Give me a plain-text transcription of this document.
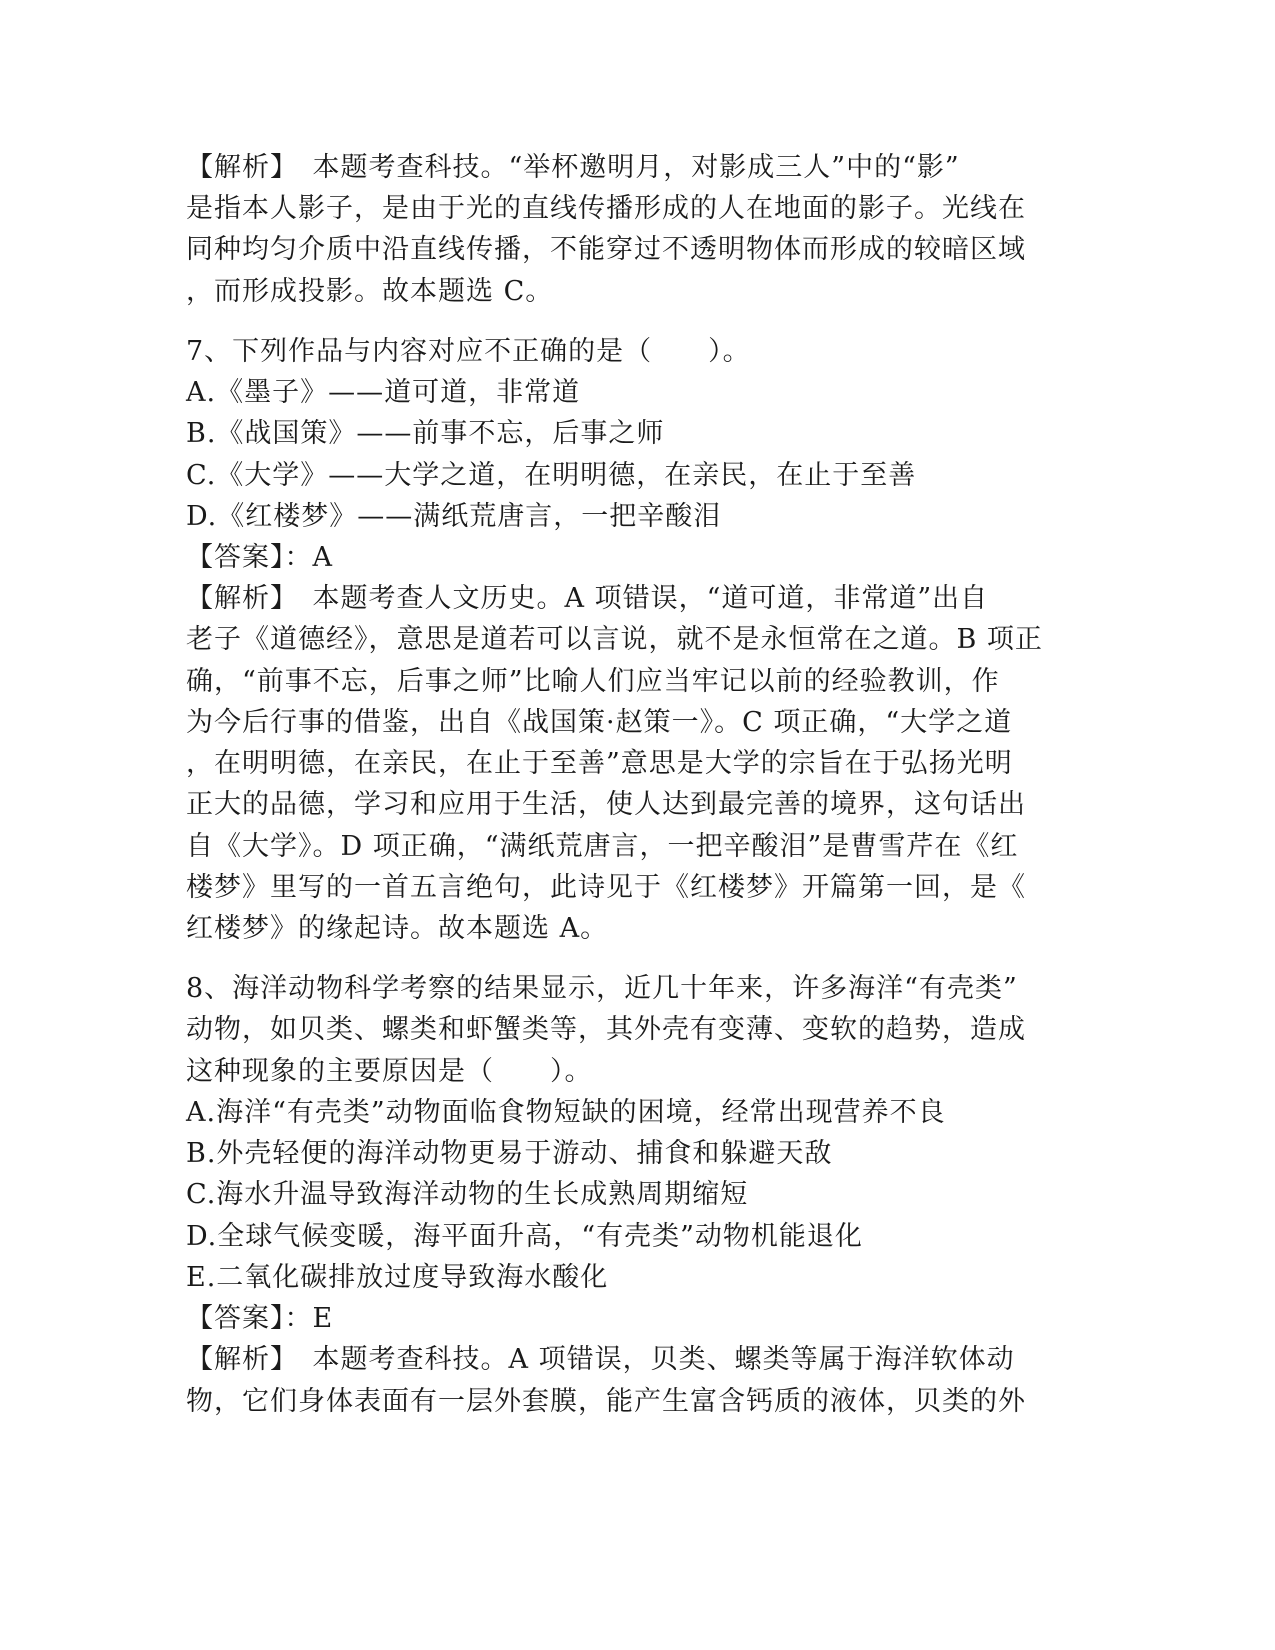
【解析】　本题考查科技。“举杯邀明月，对影成三人”中的“影”
是指本人影子，是由于光的直线传播形成的人在地面的影子。光线在
同种均匀介质中沿直线传播，不能穿过不透明物体而形成的较暗区域
，而形成投影。故本题选 C。
7、下列作品与内容对应不正确的是（　　）。
A.《墨子》——道可道，非常道
B.《战国策》——前事不忘，后事之师
C.《大学》——大学之道，在明明德，在亲民，在止于至善
D.《红楼梦》——满纸荒唐言，一把辛酸泪
【答案】：A
【解析】　本题考查人文历史。A 项错误，“道可道，非常道”出自
老子《道德经》，意思是道若可以言说，就不是永恒常在之道。B 项正
确，“前事不忘，后事之师”比喻人们应当牢记以前的经验教训，作
为今后行事的借鉴，出自《战国策·赵策一》。C 项正确，“大学之道
，在明明德，在亲民，在止于至善”意思是大学的宗旨在于弘扬光明
正大的品德，学习和应用于生活，使人达到最完善的境界，这句话出
自《大学》。D 项正确，“满纸荒唐言，一把辛酸泪”是曹雪芹在《红
楼梦》里写的一首五言绝句，此诗见于《红楼梦》开篇第一回，是《
红楼梦》的缘起诗。故本题选 A。
8、海洋动物科学考察的结果显示，近几十年来，许多海洋“有壳类”
动物，如贝类、螺类和虾蟹类等，其外壳有变薄、变软的趋势，造成
这种现象的主要原因是（　　）。
A.海洋“有壳类”动物面临食物短缺的困境，经常出现营养不良
B.外壳轻便的海洋动物更易于游动、捕食和躲避天敌
C.海水升温导致海洋动物的生长成熟周期缩短
D.全球气候变暖，海平面升高，“有壳类”动物机能退化
E.二氧化碳排放过度导致海水酸化
【答案】：E
【解析】　本题考查科技。A 项错误，贝类、螺类等属于海洋软体动
物，它们身体表面有一层外套膜，能产生富含钙质的液体，贝类的外
